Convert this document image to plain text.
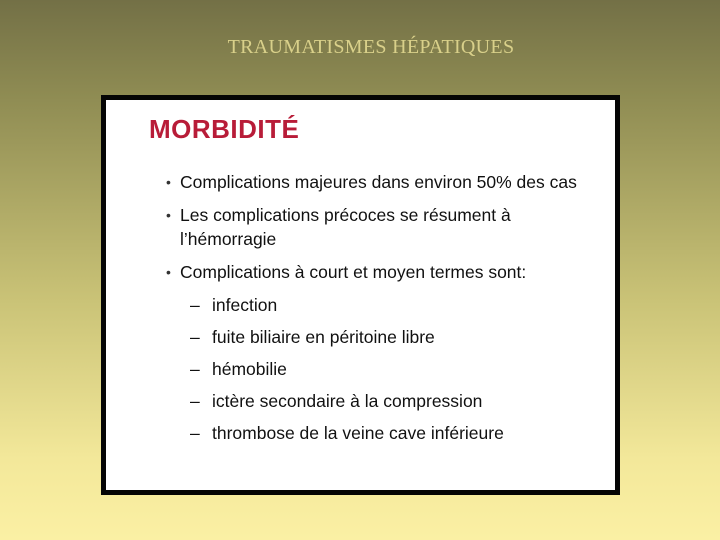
TRAUMATISMES HÉPATIQUES
MORBIDITÉ
• Complications majeures dans environ 50% des cas
• Les complications précoces se résument à l’hémorragie
• Complications à court et moyen termes sont:
– infection
– fuite biliaire en péritoine libre
– hémobilie
– ictère secondaire à la compression
– thrombose de la veine cave inférieure
